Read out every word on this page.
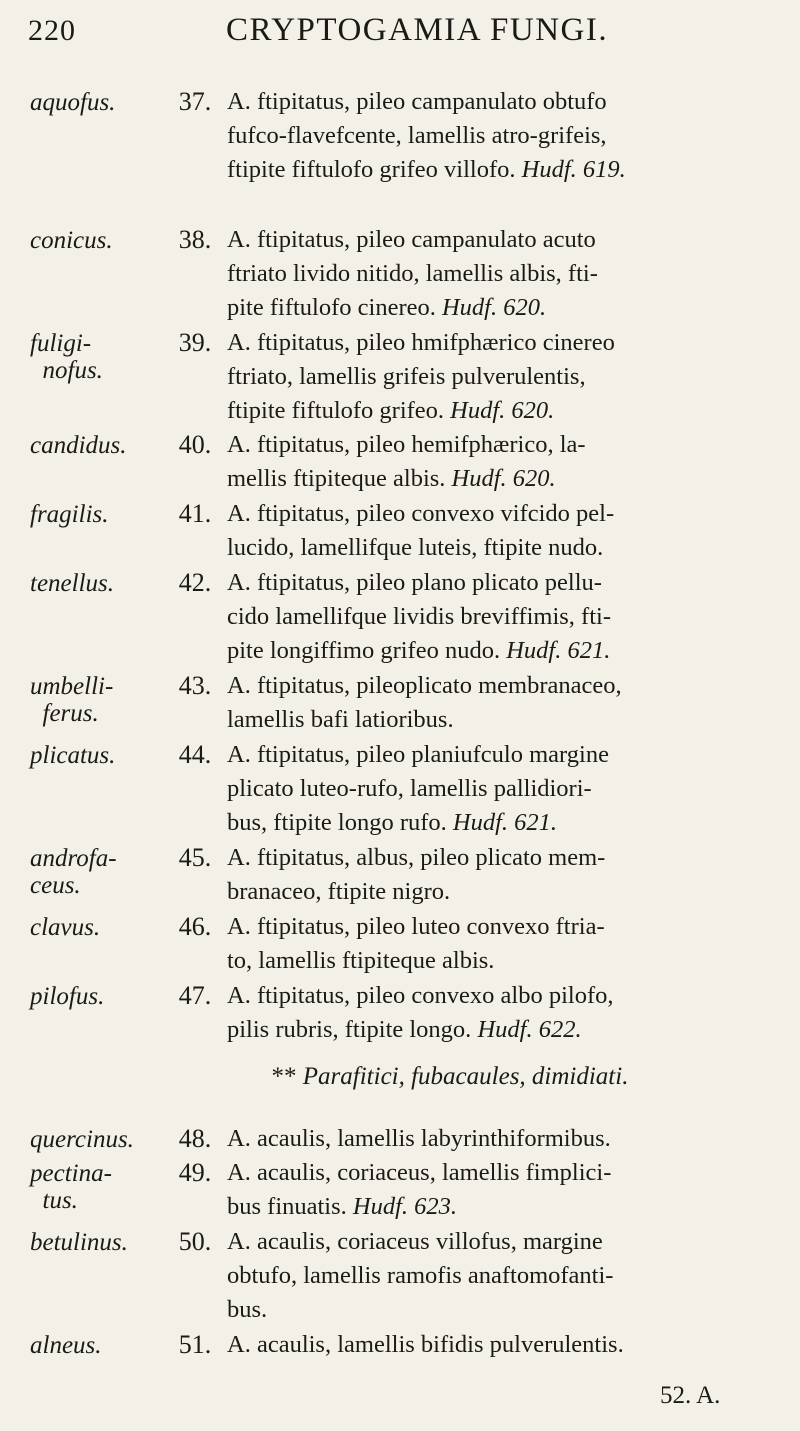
220	CRYPTOGAMIA FUNGI.
aquofus.	37. A. ftipitatus, pileo campanulato obtufo
fufco-flavefcente, lamellis atro-grifeis,
ftipite fiftulofo grifeo villofo. Hudf. 619.
conicus.	38. A. ftipitatus, pileo campanulato acuto
ftriato livido nitido, lamellis albis, fti-
pite fiftulofo cinereo. Hudf. 620.
fuligi-
nofus.
39. A. ftipitatus, pileo hmifphærico cinereo
ftriato, lamellis grifeis pulverulentis,
ftipite fiftulofo grifeo. Hudf. 620.
candidus.	40. A. ftipitatus, pileo hemifphærico, la-
mellis ftipiteque albis. Hudf. 620.
fragilis.	41. A. ftipitatus, pileo convexo vifcido pel-
lucido, lamellifque luteis, ftipite nudo.
tenellus.	42. A. ftipitatus, pileo plano plicato pellu-
cido lamellifque lividis breviffimis, fti-
pite longiffimo grifeo nudo. Hudf. 621.
umbelli-
ferus.
43. A. ftipitatus, pileoplicato membranaceo,
lamellis bafi latioribus.
plicatus.	44. A. ftipitatus, pileo planiufculo margine
plicato luteo-rufo, lamellis pallidiori-
bus, ftipite longo rufo. Hudf. 621.
androfa-
ceus.
45. A. ftipitatus, albus, pileo plicato mem-
branaceo, ftipite nigro.
clavus.	46. A. ftipitatus, pileo luteo convexo ftria-
to, lamellis ftipiteque albis.
pilofus.	47. A. ftipitatus, pileo convexo albo pilofo,
pilis rubris, ftipite longo. Hudf. 622.
** Parafitici, fubacaules, dimidiati.
quercinus.	48. A. acaulis, lamellis labyrinthiformibus.
pectina-
tus.
49. A. acaulis, coriaceus, lamellis fimplici-
bus finuatis. Hudf. 623.
betulinus.	50. A. acaulis, coriaceus villofus, margine
obtufo, lamellis ramofis anaftomofanti-
bus.
alneus.	51. A. acaulis, lamellis bifidis pulverulentis.
52. A.
